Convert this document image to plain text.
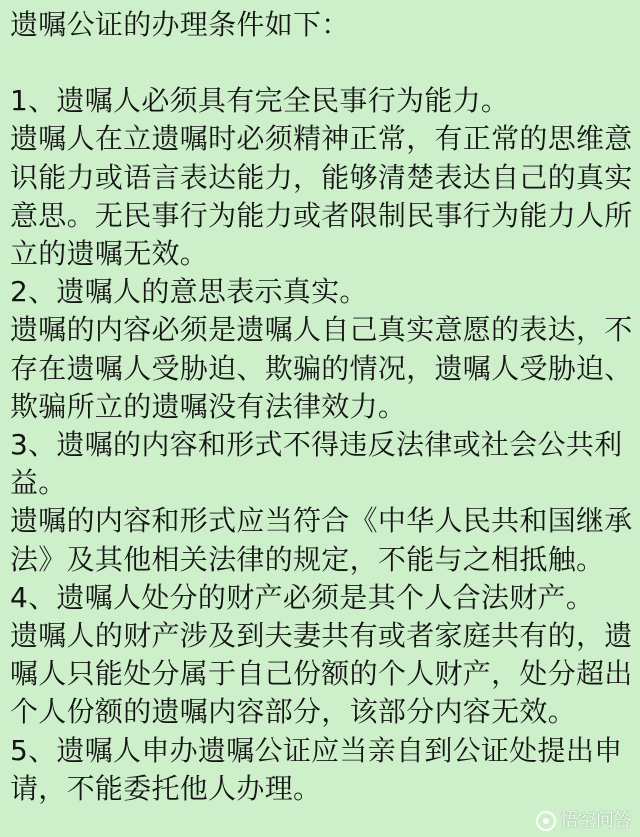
遗嘱公证的办理条件如下：

1、遗嘱人必须具有完全民事行为能力。
遗嘱人在立遗嘱时必须精神正常，有正常的思维意识能力或语言表达能力，能够清楚表达自己的真实意思。无民事行为能力或者限制民事行为能力人所立的遗嘱无效。
2、遗嘱人的意思表示真实。
遗嘱的内容必须是遗嘱人自己真实意愿的表达，不存在遗嘱人受胁迫、欺骗的情况，遗嘱人受胁迫、欺骗所立的遗嘱没有法律效力。
3、遗嘱的内容和形式不得违反法律或社会公共利益。
遗嘱的内容和形式应当符合《中华人民共和国继承法》及其他相关法律的规定，不能与之相抵触。
4、遗嘱人处分的财产必须是其个人合法财产。
遗嘱人的财产涉及到夫妻共有或者家庭共有的，遗嘱人只能处分属于自己份额的个人财产，处分超出个人份额的遗嘱内容部分，该部分内容无效。
5、遗嘱人申办遗嘱公证应当亲自到公证处提出申请，不能委托他人办理。
悟空问答
